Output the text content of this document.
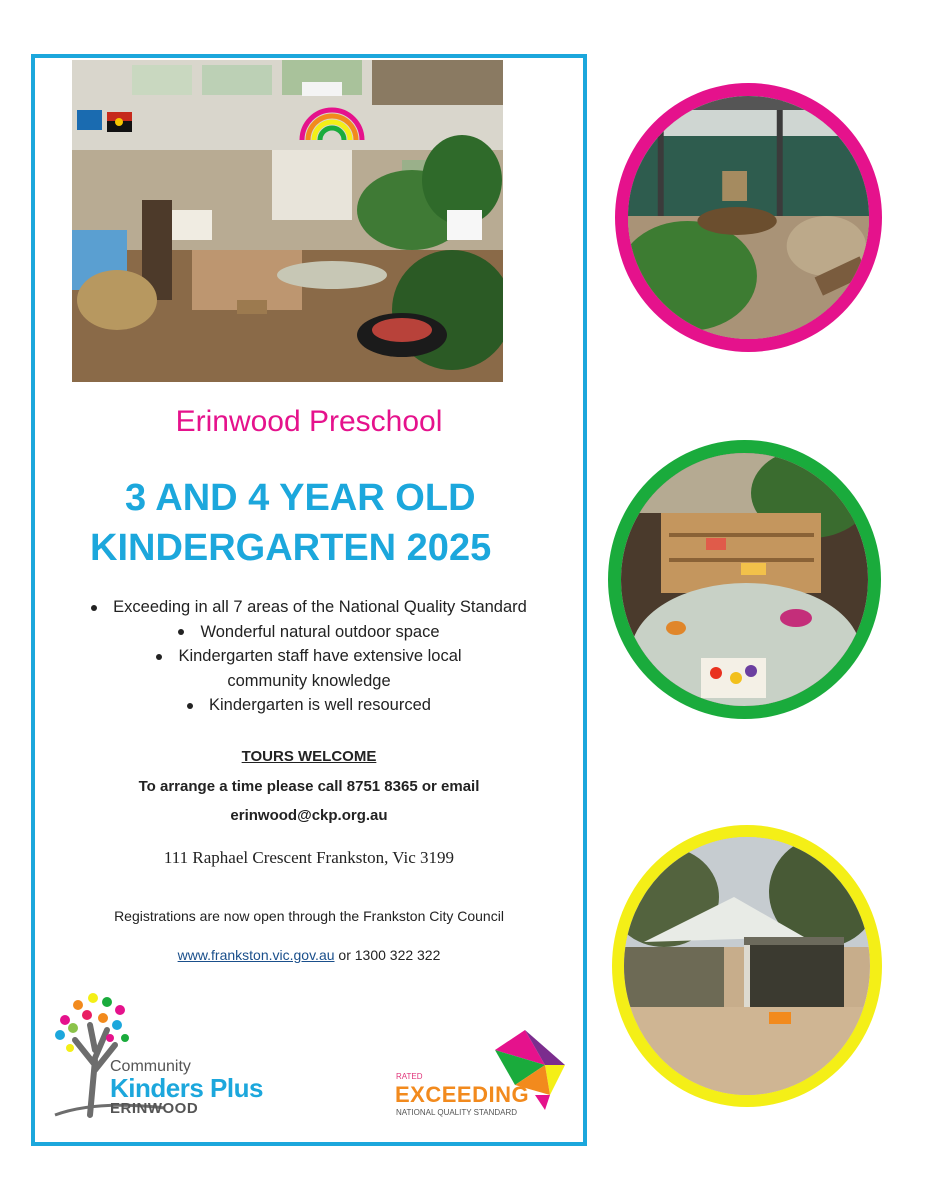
Erinwood Preschool
3 AND 4 YEAR OLD
KINDERGARTEN 2025
Exceeding in all 7 areas of the National Quality Standard
Wonderful natural outdoor space
Kindergarten staff have extensive local
community knowledge
Kindergarten is well resourced
TOURS WELCOME
To arrange a time please call 8751 8365 or email
erinwood@ckp.org.au
111 Raphael Crescent Frankston, Vic 3199
Registrations are now open through the Frankston City Council
www.frankston.vic.gov.au or 1300 322 322
Community
Kinders Plus
ERINWOOD
RATED
EXCEEDING
NATIONAL QUALITY STANDARD
